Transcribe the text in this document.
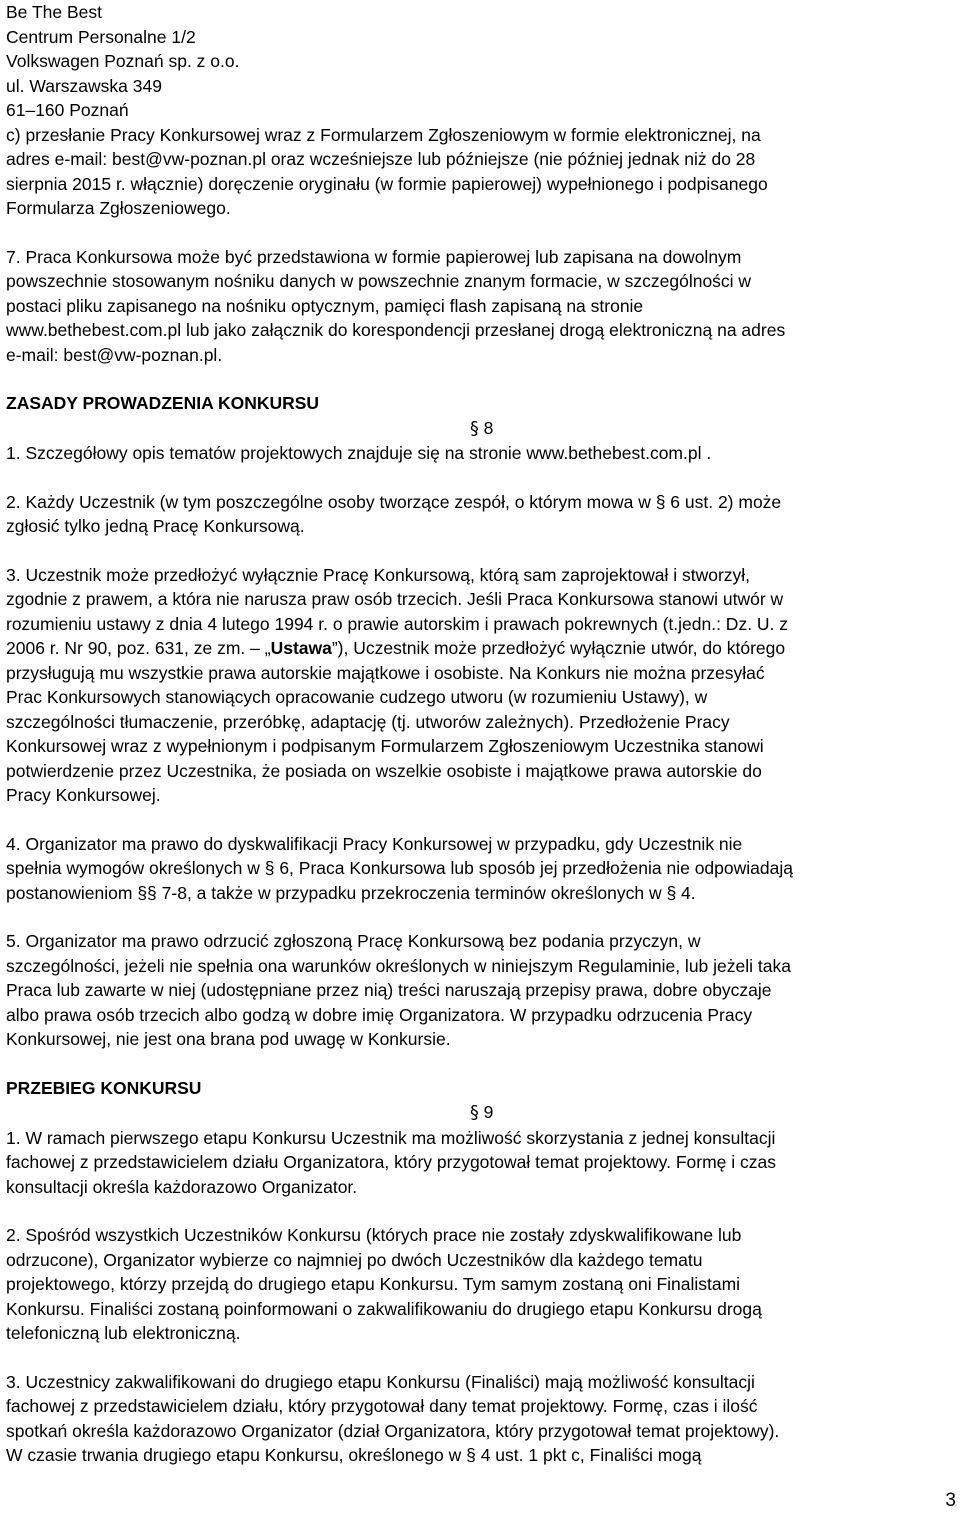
Be The Best

Centrum Personalne 1/2

Volkswagen Poznań sp. z o.o.

ul. Warszawska 349

61–160 Poznań

c) przesłanie Pracy Konkursowej wraz z Formularzem Zgłoszeniowym w formie elektronicznej, na

adres e-mail: best@vw-poznan.pl oraz wcześniejsze lub późniejsze (nie później jednak niż do 28

sierpnia 2015 r. włącznie) doręczenie oryginału (w formie papierowej) wypełnionego i podpisanego

Formularza Zgłoszeniowego.

7. Praca Konkursowa może być przedstawiona w formie papierowej lub zapisana na dowolnym

powszechnie stosowanym nośniku danych w powszechnie znanym formacie, w szczególności w

postaci pliku zapisanego na nośniku optycznym, pamięci flash zapisaną na stronie

www.bethebest.com.pl lub jako załącznik do korespondencji przesłanej drogą elektroniczną na adres

e-mail: best@vw-poznan.pl.

ZASADY PROWADZENIA KONKURSU

§ 8

1. Szczegółowy opis tematów projektowych znajduje się na stronie www.bethebest.com.pl .

2. Każdy Uczestnik (w tym poszczególne osoby tworzące zespół, o którym mowa w § 6 ust. 2) może

zgłosić tylko jedną Pracę Konkursową.

3. Uczestnik może przedłożyć wyłącznie Pracę Konkursową, którą sam zaprojektował i stworzył,

zgodnie z prawem, a która nie narusza praw osób trzecich. Jeśli Praca Konkursowa stanowi utwór w

rozumieniu ustawy z dnia 4 lutego 1994 r. o prawie autorskim i prawach pokrewnych (t.jedn.: Dz. U. z

2006 r. Nr 90, poz. 631, ze zm. – „Ustawa”), Uczestnik może przedłożyć wyłącznie utwór, do którego

przysługują mu wszystkie prawa autorskie majątkowe i osobiste. Na Konkurs nie można przesyłać

Prac Konkursowych stanowiących opracowanie cudzego utworu (w rozumieniu Ustawy), w

szczególności tłumaczenie, przeróbkę, adaptację (tj. utworów zależnych). Przedłożenie Pracy

Konkursowej wraz z wypełnionym i podpisanym Formularzem Zgłoszeniowym Uczestnika stanowi

potwierdzenie przez Uczestnika, że posiada on wszelkie osobiste i majątkowe prawa autorskie do

Pracy Konkursowej.

4. Organizator ma prawo do dyskwalifikacji Pracy Konkursowej w przypadku, gdy Uczestnik nie

spełnia wymogów określonych w § 6, Praca Konkursowa lub sposób jej przedłożenia nie odpowiadają

postanowieniom §§ 7-8, a także w przypadku przekroczenia terminów określonych w § 4.

5. Organizator ma prawo odrzucić zgłoszoną Pracę Konkursową bez podania przyczyn, w

szczególności, jeżeli nie spełnia ona warunków określonych w niniejszym Regulaminie, lub jeżeli taka

Praca lub zawarte w niej (udostępniane przez nią) treści naruszają przepisy prawa, dobre obyczaje

albo prawa osób trzecich albo godzą w dobre imię Organizatora. W przypadku odrzucenia Pracy

Konkursowej, nie jest ona brana pod uwagę w Konkursie.

PRZEBIEG KONKURSU

§ 9

1. W ramach pierwszego etapu Konkursu Uczestnik ma możliwość skorzystania z jednej konsultacji

fachowej z przedstawicielem działu Organizatora, który przygotował temat projektowy. Formę i czas

konsultacji określa każdorazowo Organizator.

2. Spośród wszystkich Uczestników Konkursu (których prace nie zostały zdyskwalifikowane lub

odrzucone), Organizator wybierze co najmniej po dwóch Uczestników dla każdego tematu

projektowego, którzy przejdą do drugiego etapu Konkursu. Tym samym zostaną oni Finalistami

Konkursu. Finaliści zostaną poinformowani o zakwalifikowaniu do drugiego etapu Konkursu drogą

telefoniczną lub elektroniczną.

3. Uczestnicy zakwalifikowani do drugiego etapu Konkursu (Finaliści) mają możliwość konsultacji

fachowej z przedstawicielem działu, który przygotował dany temat projektowy. Formę, czas i ilość

spotkań określa każdorazowo Organizator (dział Organizatora, który przygotował temat projektowy).

W czasie trwania drugiego etapu Konkursu, określonego w § 4 ust. 1 pkt c, Finaliści mogą

3
